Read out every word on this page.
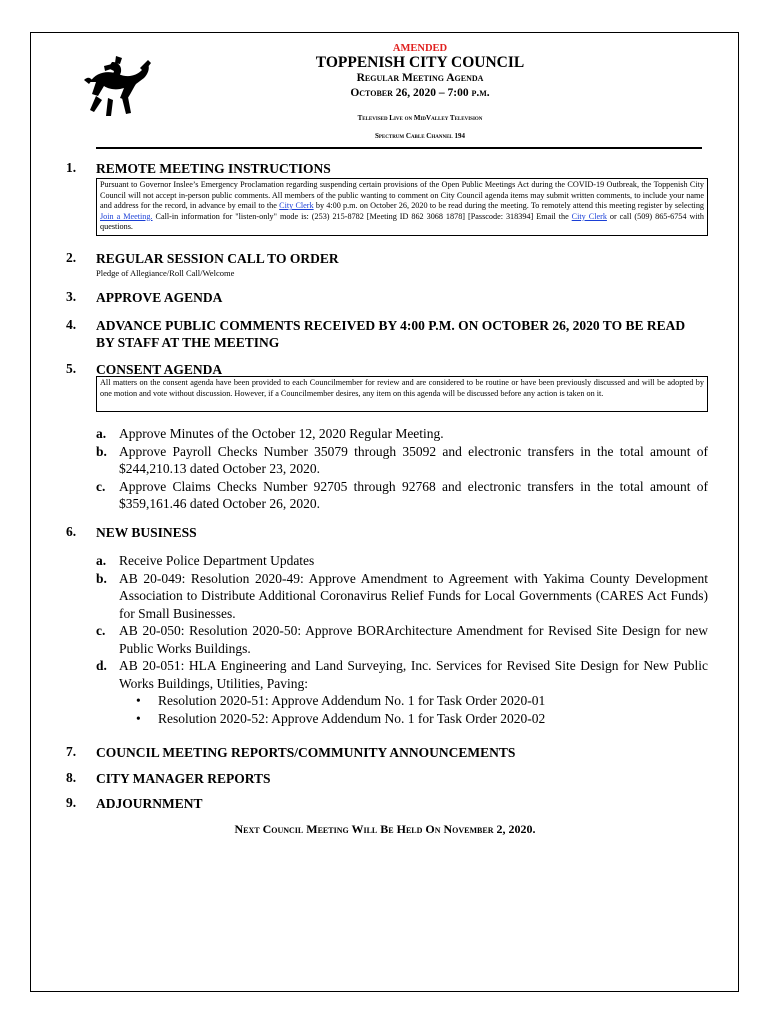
AMENDED
TOPPENISH CITY COUNCIL
Regular Meeting Agenda
October 26, 2020 – 7:00 p.m.
Televised Live on MidValley Television
Spectrum Cable Channel 194
1. REMOTE MEETING INSTRUCTIONS
Pursuant to Governor Inslee’s Emergency Proclamation regarding suspending certain provisions of the Open Public Meetings Act during the COVID-19 Outbreak, the Toppenish City Council will not accept in-person public comments. All members of the public wanting to comment on City Council agenda items may submit written comments, to include your name and address for the record, in advance by email to the City Clerk by 4:00 p.m. on October 26, 2020 to be read during the meeting. To remotely attend this meeting register by selecting Join a Meeting. Call-in information for "listen-only" mode is: (253) 215-8782 [Meeting ID 862 3068 1878] [Passcode: 318394] Email the City Clerk or call (509) 865-6754 with questions.
2. REGULAR SESSION CALL TO ORDER
Pledge of Allegiance/Roll Call/Welcome
3. APPROVE AGENDA
4. ADVANCE PUBLIC COMMENTS RECEIVED BY 4:00 P.M. ON OCTOBER 26, 2020 TO BE READ BY STAFF AT THE MEETING
5. CONSENT AGENDA
All matters on the consent agenda have been provided to each Councilmember for review and are considered to be routine or have been previously discussed and will be adopted by one motion and vote without discussion. However, if a Councilmember desires, any item on this agenda will be discussed before any action is taken on it.
a. Approve Minutes of the October 12, 2020 Regular Meeting.
b. Approve Payroll Checks Number 35079 through 35092 and electronic transfers in the total amount of $244,210.13 dated October 23, 2020.
c. Approve Claims Checks Number 92705 through 92768 and electronic transfers in the total amount of $359,161.46 dated October 26, 2020.
6. NEW BUSINESS
a. Receive Police Department Updates
b. AB 20-049: Resolution 2020-49: Approve Amendment to Agreement with Yakima County Development Association to Distribute Additional Coronavirus Relief Funds for Local Governments (CARES Act Funds) for Small Businesses.
c. AB 20-050: Resolution 2020-50: Approve BORArchitecture Amendment for Revised Site Design for new Public Works Buildings.
d. AB 20-051: HLA Engineering and Land Surveying, Inc. Services for Revised Site Design for New Public Works Buildings, Utilities, Paving:
• Resolution 2020-51: Approve Addendum No. 1 for Task Order 2020-01
• Resolution 2020-52: Approve Addendum No. 1 for Task Order 2020-02
7. COUNCIL MEETING REPORTS/COMMUNITY ANNOUNCEMENTS
8. CITY MANAGER REPORTS
9. ADJOURNMENT
Next Council Meeting Will Be Held On November 2, 2020.
